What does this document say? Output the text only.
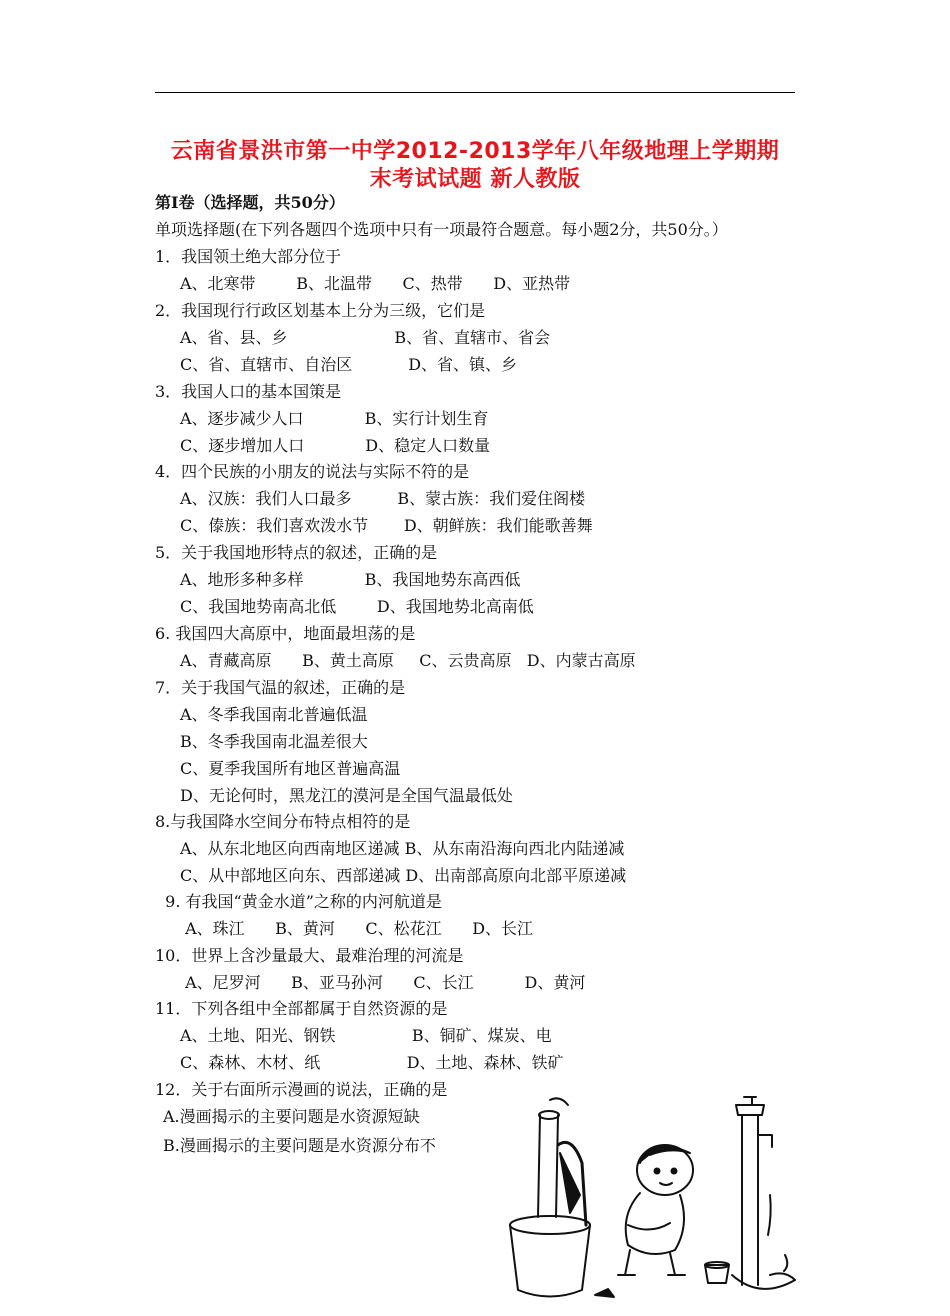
云南省景洪市第一中学2012-2013学年八年级地理上学期期
末考试试题 新人教版
第Ⅰ卷（选择题，共50分）
单项选择题(在下列各题四个选项中只有一项最符合题意。每小题2分，共50分。）
1．我国领土绝大部分位于
A、北寒带        B、北温带      C、热带      D、亚热带
2．我国现行行政区划基本上分为三级，它们是
A、省、县、乡                     B、省、直辖市、省会
C、省、直辖市、自治区           D、省、镇、乡
3．我国人口的基本国策是
A、逐步减少人口            B、实行计划生育
C、逐步增加人口            D、稳定人口数量
4．四个民族的小朋友的说法与实际不符的是
A、汉族：我们人口最多         B、蒙古族：我们爱住阁楼
C、傣族：我们喜欢泼水节       D、朝鲜族：我们能歌善舞
5．关于我国地形特点的叙述，正确的是
A、地形多种多样            B、我国地势东高西低
C、我国地势南高北低        D、我国地势北高南低
6. 我国四大高原中，地面最坦荡的是
A、青藏高原      B、黄土高原     C、云贵高原   D、内蒙古高原
7．关于我国气温的叙述，正确的是
A、冬季我国南北普遍低温
B、冬季我国南北温差很大
C、夏季我国所有地区普遍高温
D、无论何时，黑龙江的漠河是全国气温最低处
8.与我国降水空间分布特点相符的是
A、从东北地区向西南地区递减 B、从东南沿海向西北内陆递减
C、从中部地区向东、西部递减 D、出南部高原向北部平原递减
9. 有我国“黄金水道”之称的内河航道是
A、珠江      B、黄河      C、松花江      D、长江
10．世界上含沙量最大、最难治理的河流是
A、尼罗河      B、亚马孙河      C、长江          D、黄河
11．下列各组中全部都属于自然资源的是
A、土地、阳光、钢铁               B、铜矿、煤炭、电
C、森林、木材、纸                 D、土地、森林、铁矿
12．关于右面所示漫画的说法，正确的是
A.漫画揭示的主要问题是水资源短缺
B.漫画揭示的主要问题是水资源分布不
